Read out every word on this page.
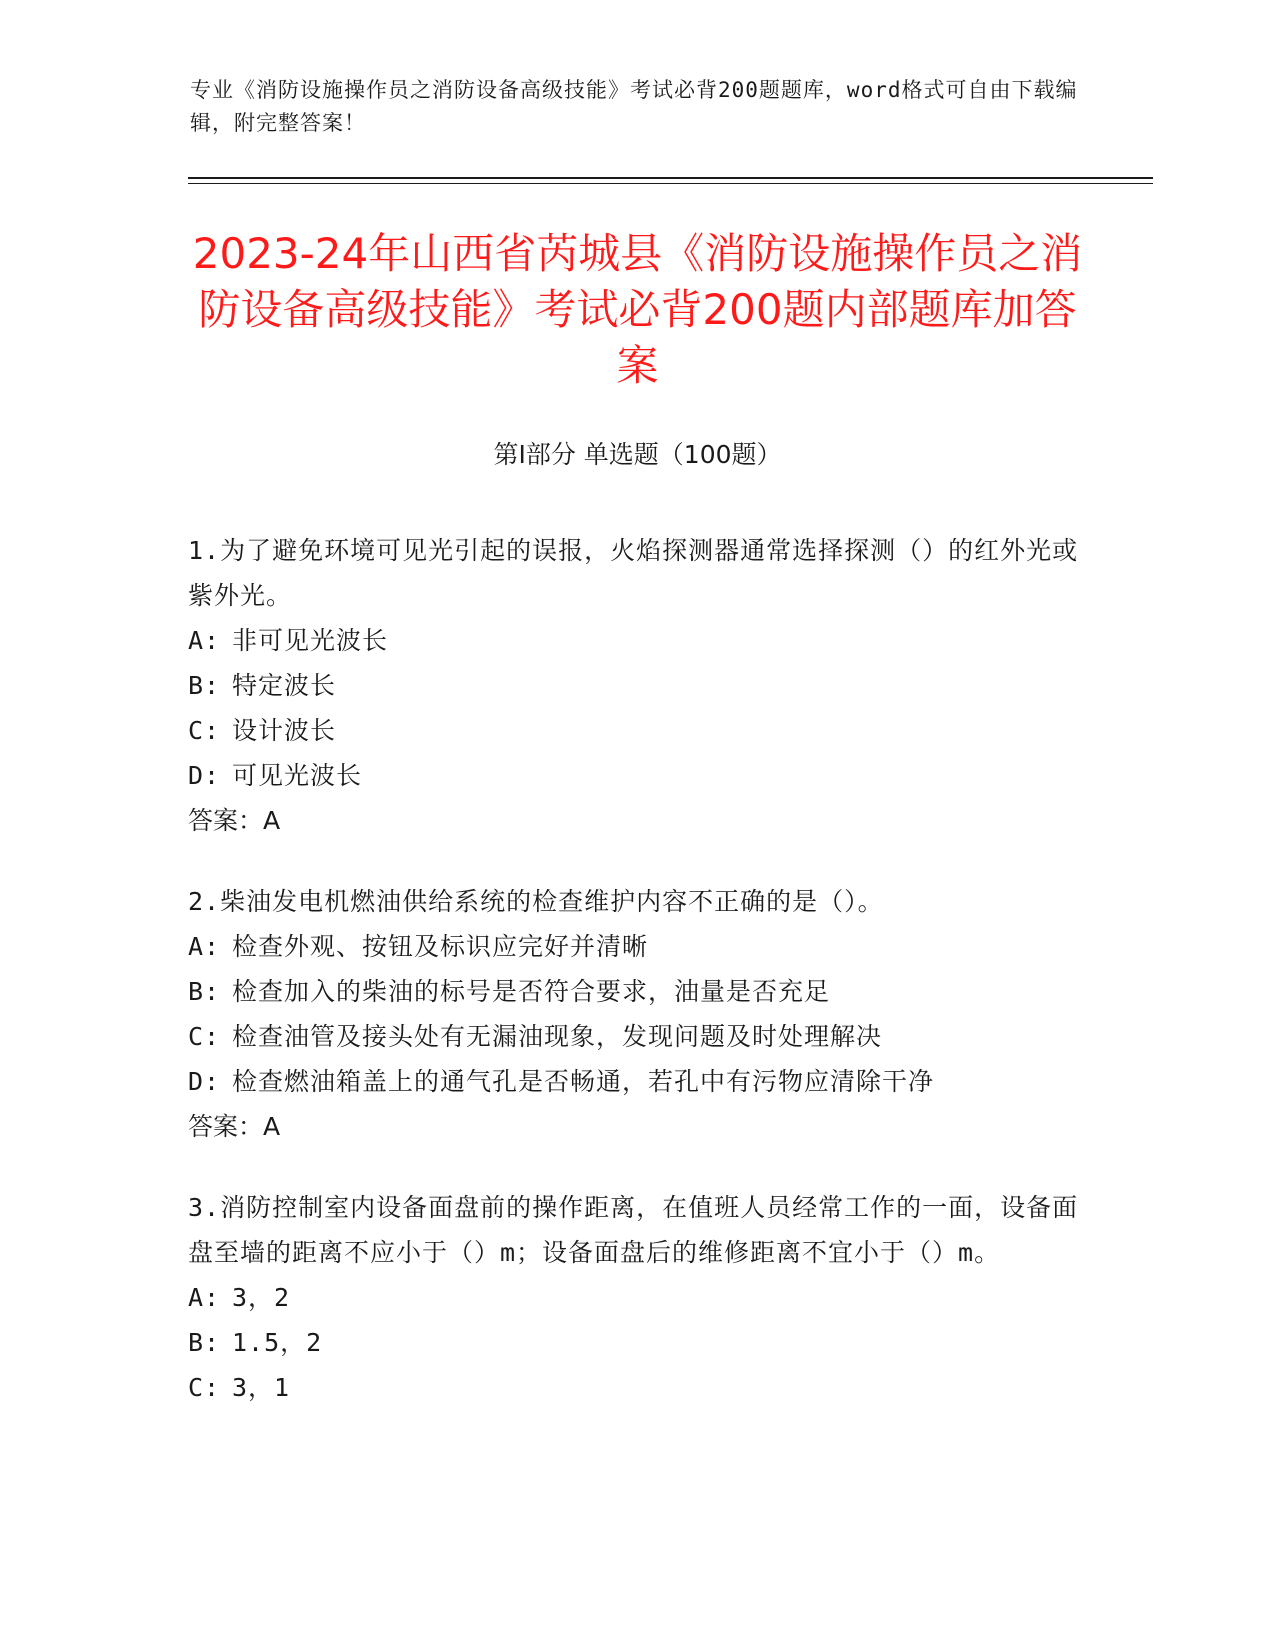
专业《消防设施操作员之消防设备高级技能》考试必背200题题库，word格式可自由下载编辑，附完整答案！
2023-24年山西省芮城县《消防设施操作员之消防设备高级技能》考试必背200题内部题库加答案
第I部分 单选题（100题）

1.为了避免环境可见光引起的误报，火焰探测器通常选择探测（）的红外光或紫外光。

A: 非可见光波长

B: 特定波长

C: 设计波长

D: 可见光波长

答案：A

2.柴油发电机燃油供给系统的检查维护内容不正确的是（）。

A: 检查外观、按钮及标识应完好并清晰

B: 检查加入的柴油的标号是否符合要求，油量是否充足

C: 检查油管及接头处有无漏油现象，发现问题及时处理解决

D: 检查燃油箱盖上的通气孔是否畅通，若孔中有污物应清除干净

答案：A

3.消防控制室内设备面盘前的操作距离，在值班人员经常工作的一面，设备面盘至墙的距离不应小于（）m；设备面盘后的维修距离不宜小于（）m。

A: 3，2

B: 1.5，2

C: 3，1
